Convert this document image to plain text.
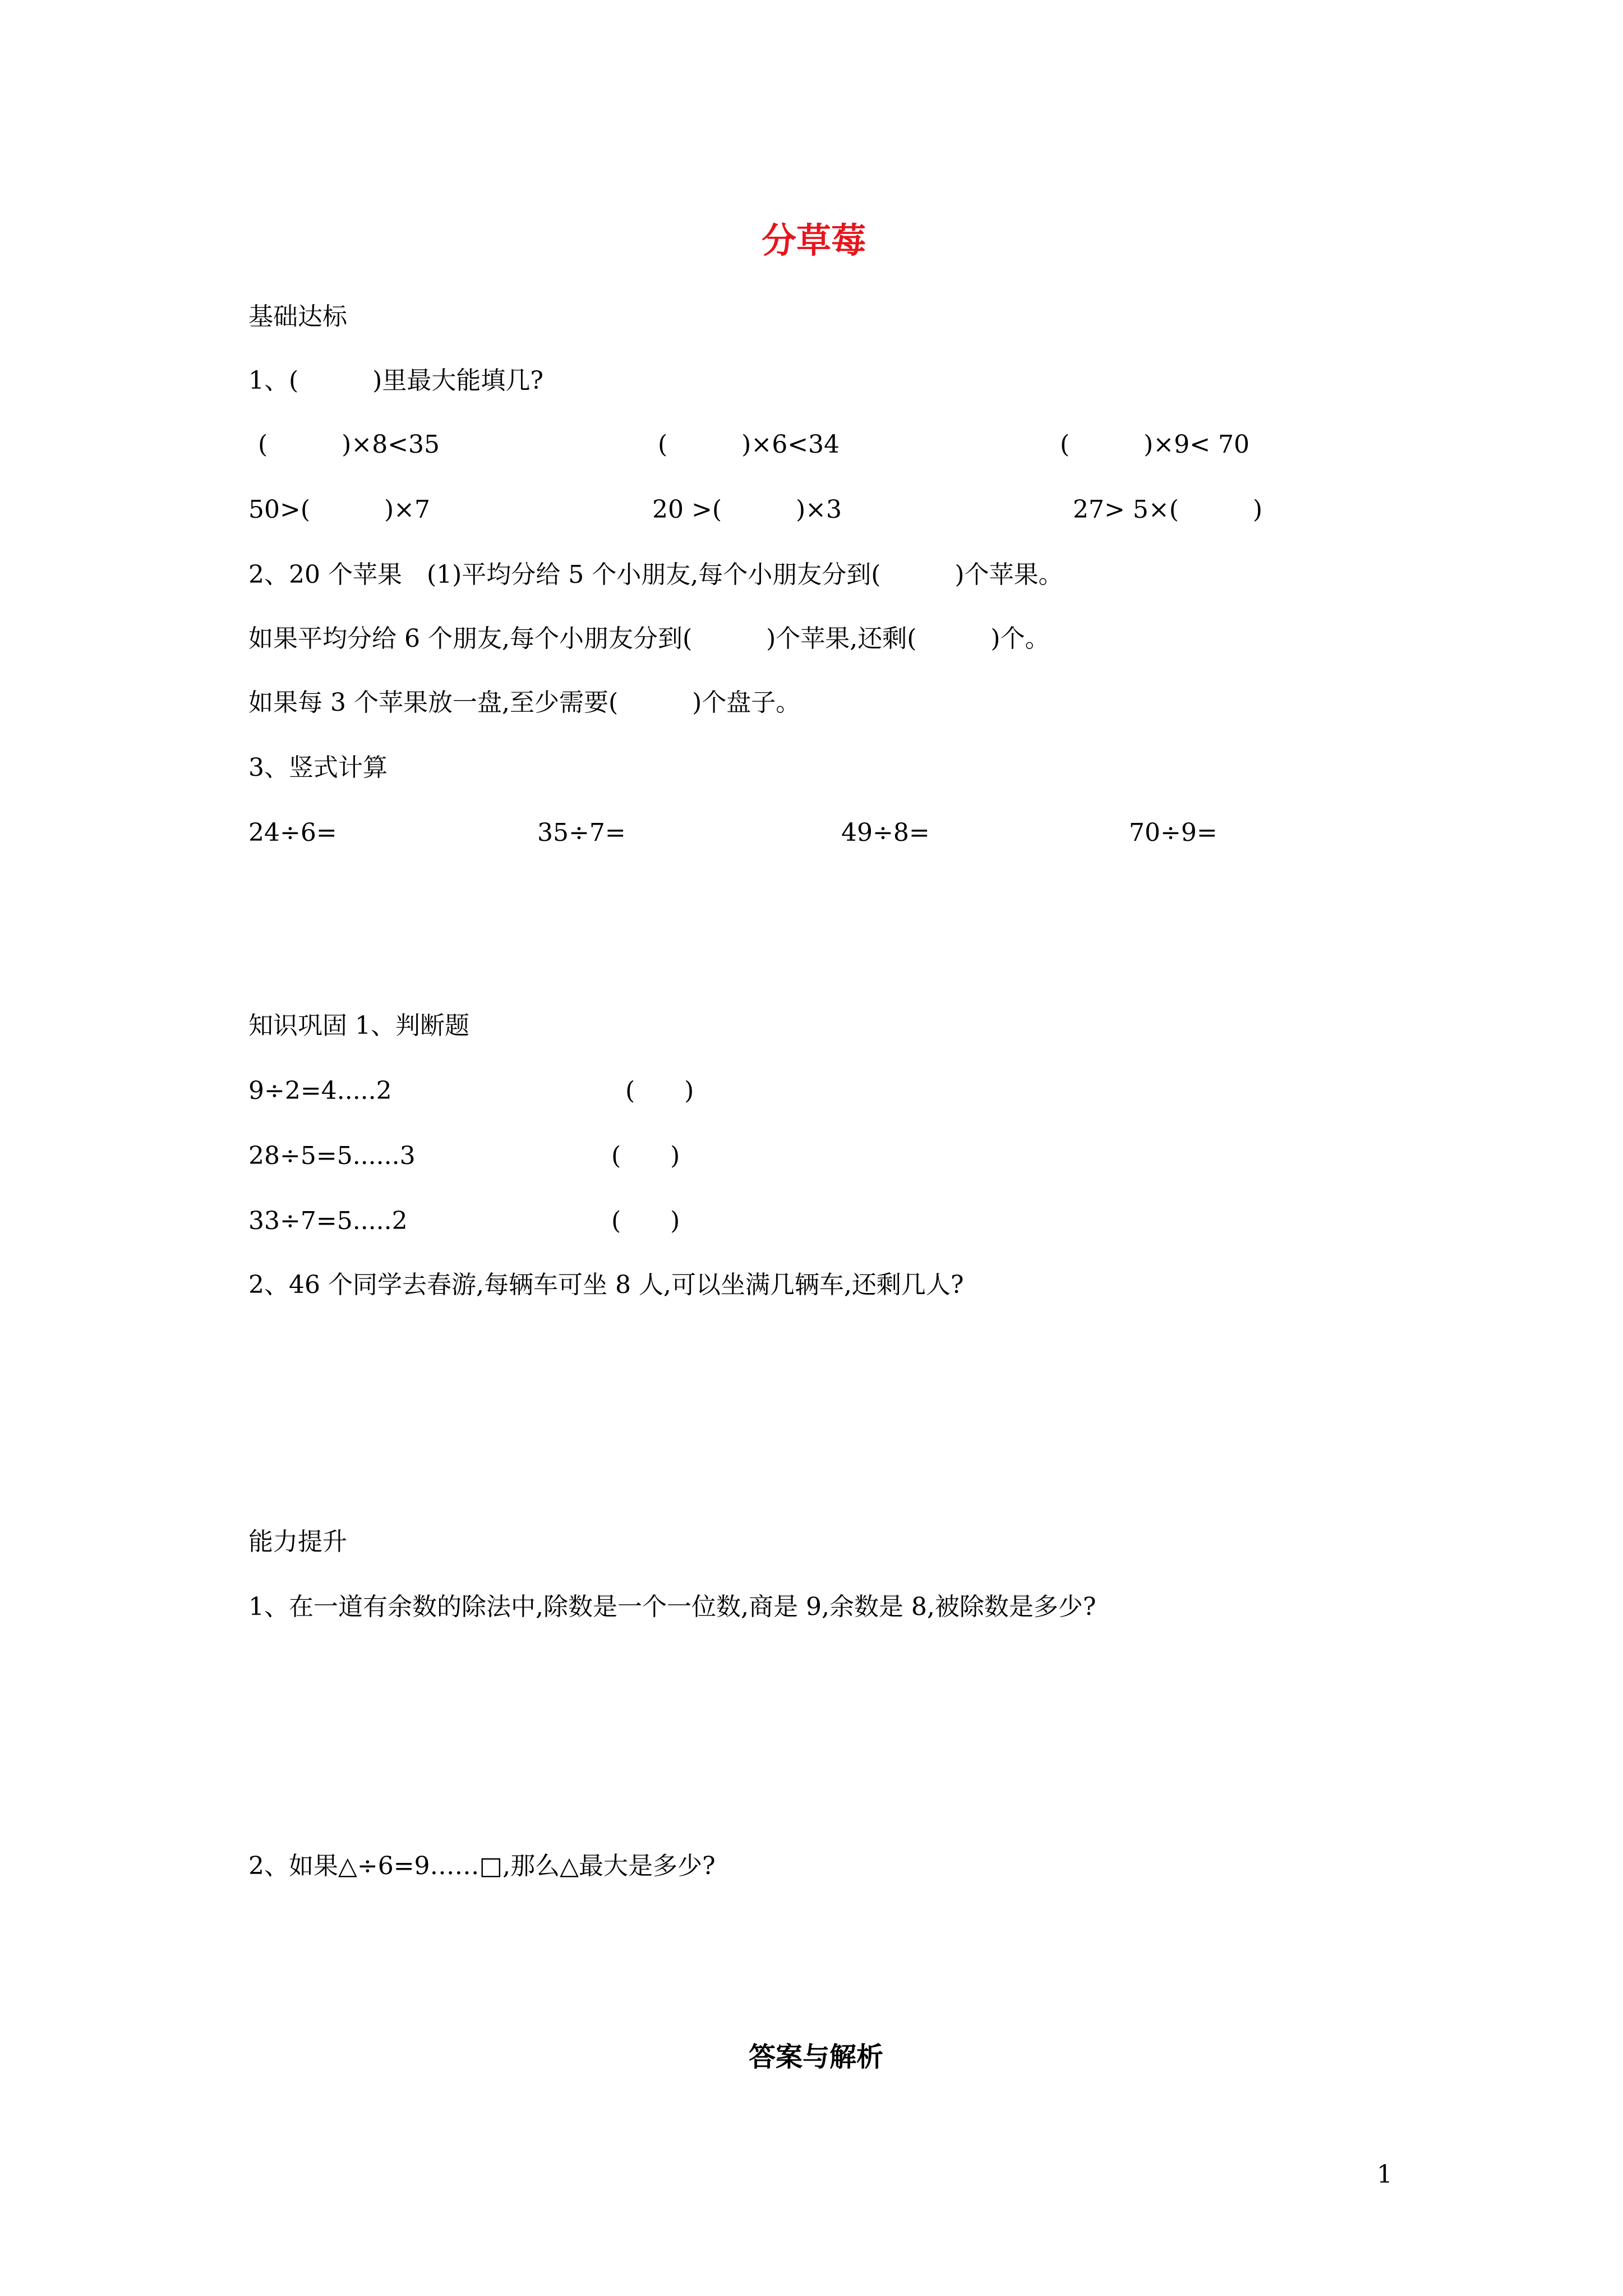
分草莓
基础达标
1、(　　　)里最大能填几?
(　　　)×8<35	(　　　)×6<34	(　　　)×9< 70
50>(　　　)×7	20 >(　　　)×3	27> 5×(　　　)
2、20 个苹果　(1)平均分给 5 个小朋友,每个小朋友分到(　　　)个苹果。
如果平均分给 6 个朋友,每个小朋友分到(　　　)个苹果,还剩(　　　)个。
如果每 3 个苹果放一盘,至少需要(　　　)个盘子。
3、竖式计算
24÷6=	35÷7=	49÷8=	70÷9=
知识巩固 1、判断题
9÷2=4.....2	(　　)
28÷5=5......3	(　　)
33÷7=5.....2	(　　)
2、46 个同学去春游,每辆车可坐 8 人,可以坐满几辆车,还剩几人?
能力提升
1、在一道有余数的除法中,除数是一个一位数,商是 9,余数是 8,被除数是多少?
2、如果△÷6=9……□,那么△最大是多少?
答案与解析
1
